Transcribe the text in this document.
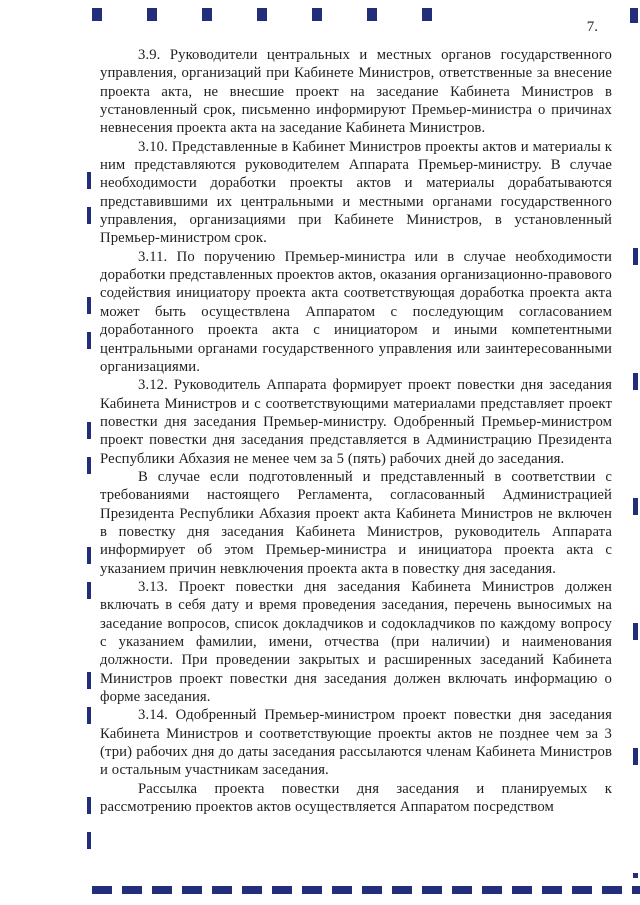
7.

3.9. Руководители центральных и местных органов государственного управления, организаций при Кабинете Министров, ответственные за внесение проекта акта, не внесшие проект на заседание Кабинета Министров в установленный срок, письменно информируют Премьер-министра о причинах невнесения проекта акта на заседание Кабинета Министров.

3.10. Представленные в Кабинет Министров проекты актов и материалы к ним представляются руководителем Аппарата Премьер-министру. В случае необходимости доработки проекты актов и материалы дорабатываются представившими их центральными и местными органами государственного управления, организациями при Кабинете Министров, в установленный Премьер-министром срок.

3.11. По поручению Премьер-министра или в случае необходимости доработки представленных проектов актов, оказания организационно-правового содействия инициатору проекта акта соответствующая доработка проекта акта может быть осуществлена Аппаратом с последующим согласованием доработанного проекта акта с инициатором и иными компетентными центральными органами государственного управления или заинтересованными организациями.

3.12. Руководитель Аппарата формирует проект повестки дня заседания Кабинета Министров и с соответствующими материалами представляет проект повестки дня заседания Премьер-министру. Одобренный Премьер-министром проект повестки дня заседания представляется в Администрацию Президента Республики Абхазия не менее чем за 5 (пять) рабочих дней до заседания.

В случае если подготовленный и представленный в соответствии с требованиями настоящего Регламента, согласованный Администрацией Президента Республики Абхазия проект акта Кабинета Министров не включен в повестку дня заседания Кабинета Министров, руководитель Аппарата информирует об этом Премьер-министра и инициатора проекта акта с указанием причин невключения проекта акта в повестку дня заседания.

3.13. Проект повестки дня заседания Кабинета Министров должен включать в себя дату и время проведения заседания, перечень выносимых на заседание вопросов, список докладчиков и содокладчиков по каждому вопросу с указанием фамилии, имени, отчества (при наличии) и наименования должности. При проведении закрытых и расширенных заседаний Кабинета Министров проект повестки дня заседания должен включать информацию о форме заседания.

3.14. Одобренный Премьер-министром проект повестки дня заседания Кабинета Министров и соответствующие проекты актов не позднее чем за 3 (три) рабочих дня до даты заседания рассылаются членам Кабинета Министров и остальным участникам заседания.

Рассылка проекта повестки дня заседания и планируемых к рассмотрению проектов актов осуществляется Аппаратом посредством
